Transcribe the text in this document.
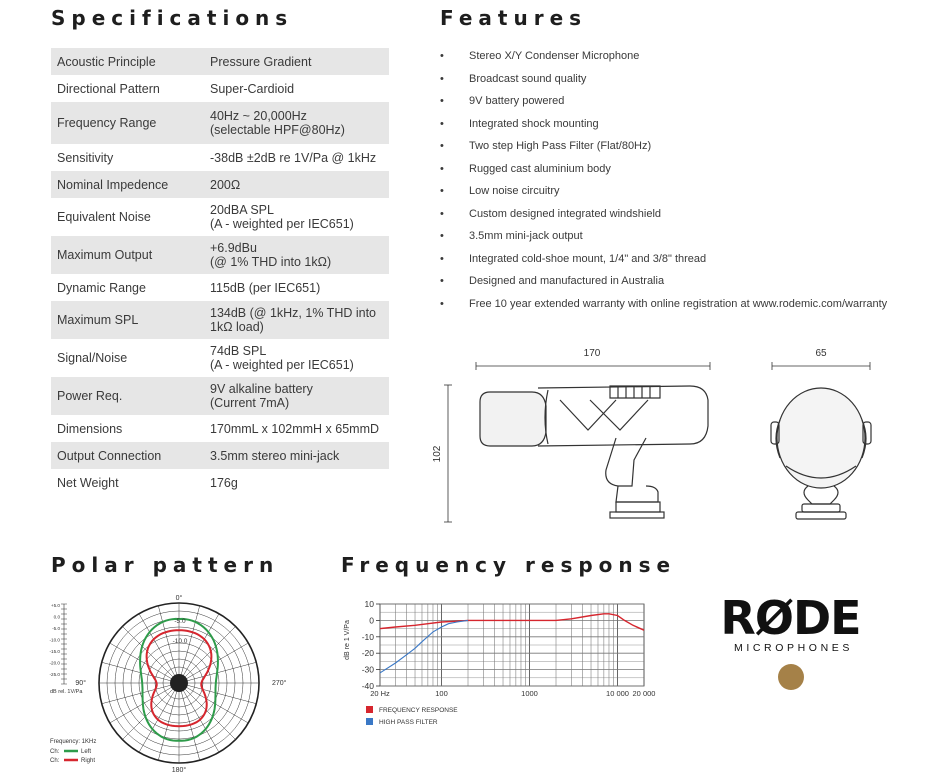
Specifications	Features
Polar pattern	Frequency response
Acoustic Principle	Pressure Gradient
Directional Pattern	Super-Cardioid
Frequency Range	40Hz ~ 20,000Hz
(selectable HPF@80Hz)
Sensitivity	-38dB ±2dB re 1V/Pa @ 1kHz
Nominal Impedence	200Ω
Equivalent Noise	20dBA SPL
(A - weighted per IEC651)
Maximum Output	+6.9dBu
(@ 1% THD into 1kΩ)
Dynamic Range	115dB (per IEC651)
Maximum SPL	134dB (@ 1kHz, 1% THD into
1kΩ load)
Signal/Noise	74dB SPL
(A - weighted per IEC651)
Power Req.	9V alkaline battery
(Current 7mA)
Dimensions	170mmL x 102mmH x 65mmD
Output Connection	3.5mm stereo mini-jack
Net Weight	176g
• Stereo X/Y Condenser Microphone
• Broadcast sound quality
• 9V battery powered
• Integrated shock mounting
• Two step High Pass Filter (Flat/80Hz)
• Rugged cast aluminium body
• Low noise circuitry
• Custom designed integrated windshield
• 3.5mm mini-jack output
• Integrated cold-shoe mount, 1/4" and 3/8" thread
• Designed and manufactured in Australia
• Free 10 year extended warranty with online registration at www.rodemic.com/warranty
170	65
102
+5.0
0.0
-5.0
-10.0
-15.0
-20.0
-25.0
0°
270°
180°
90°
-5.0
-10.0
dB rel. 1V/Pa
Frequency: 1KHz
Ch:	Left
Ch:	Right
10
0
-10
-20
-30
-40
20 Hz	100	1000	10 000 20 000
dB re 1 V/Pa
FREQUENCY RESPONSE
HIGH PASS FILTER
RØDE
MICROPHONES
